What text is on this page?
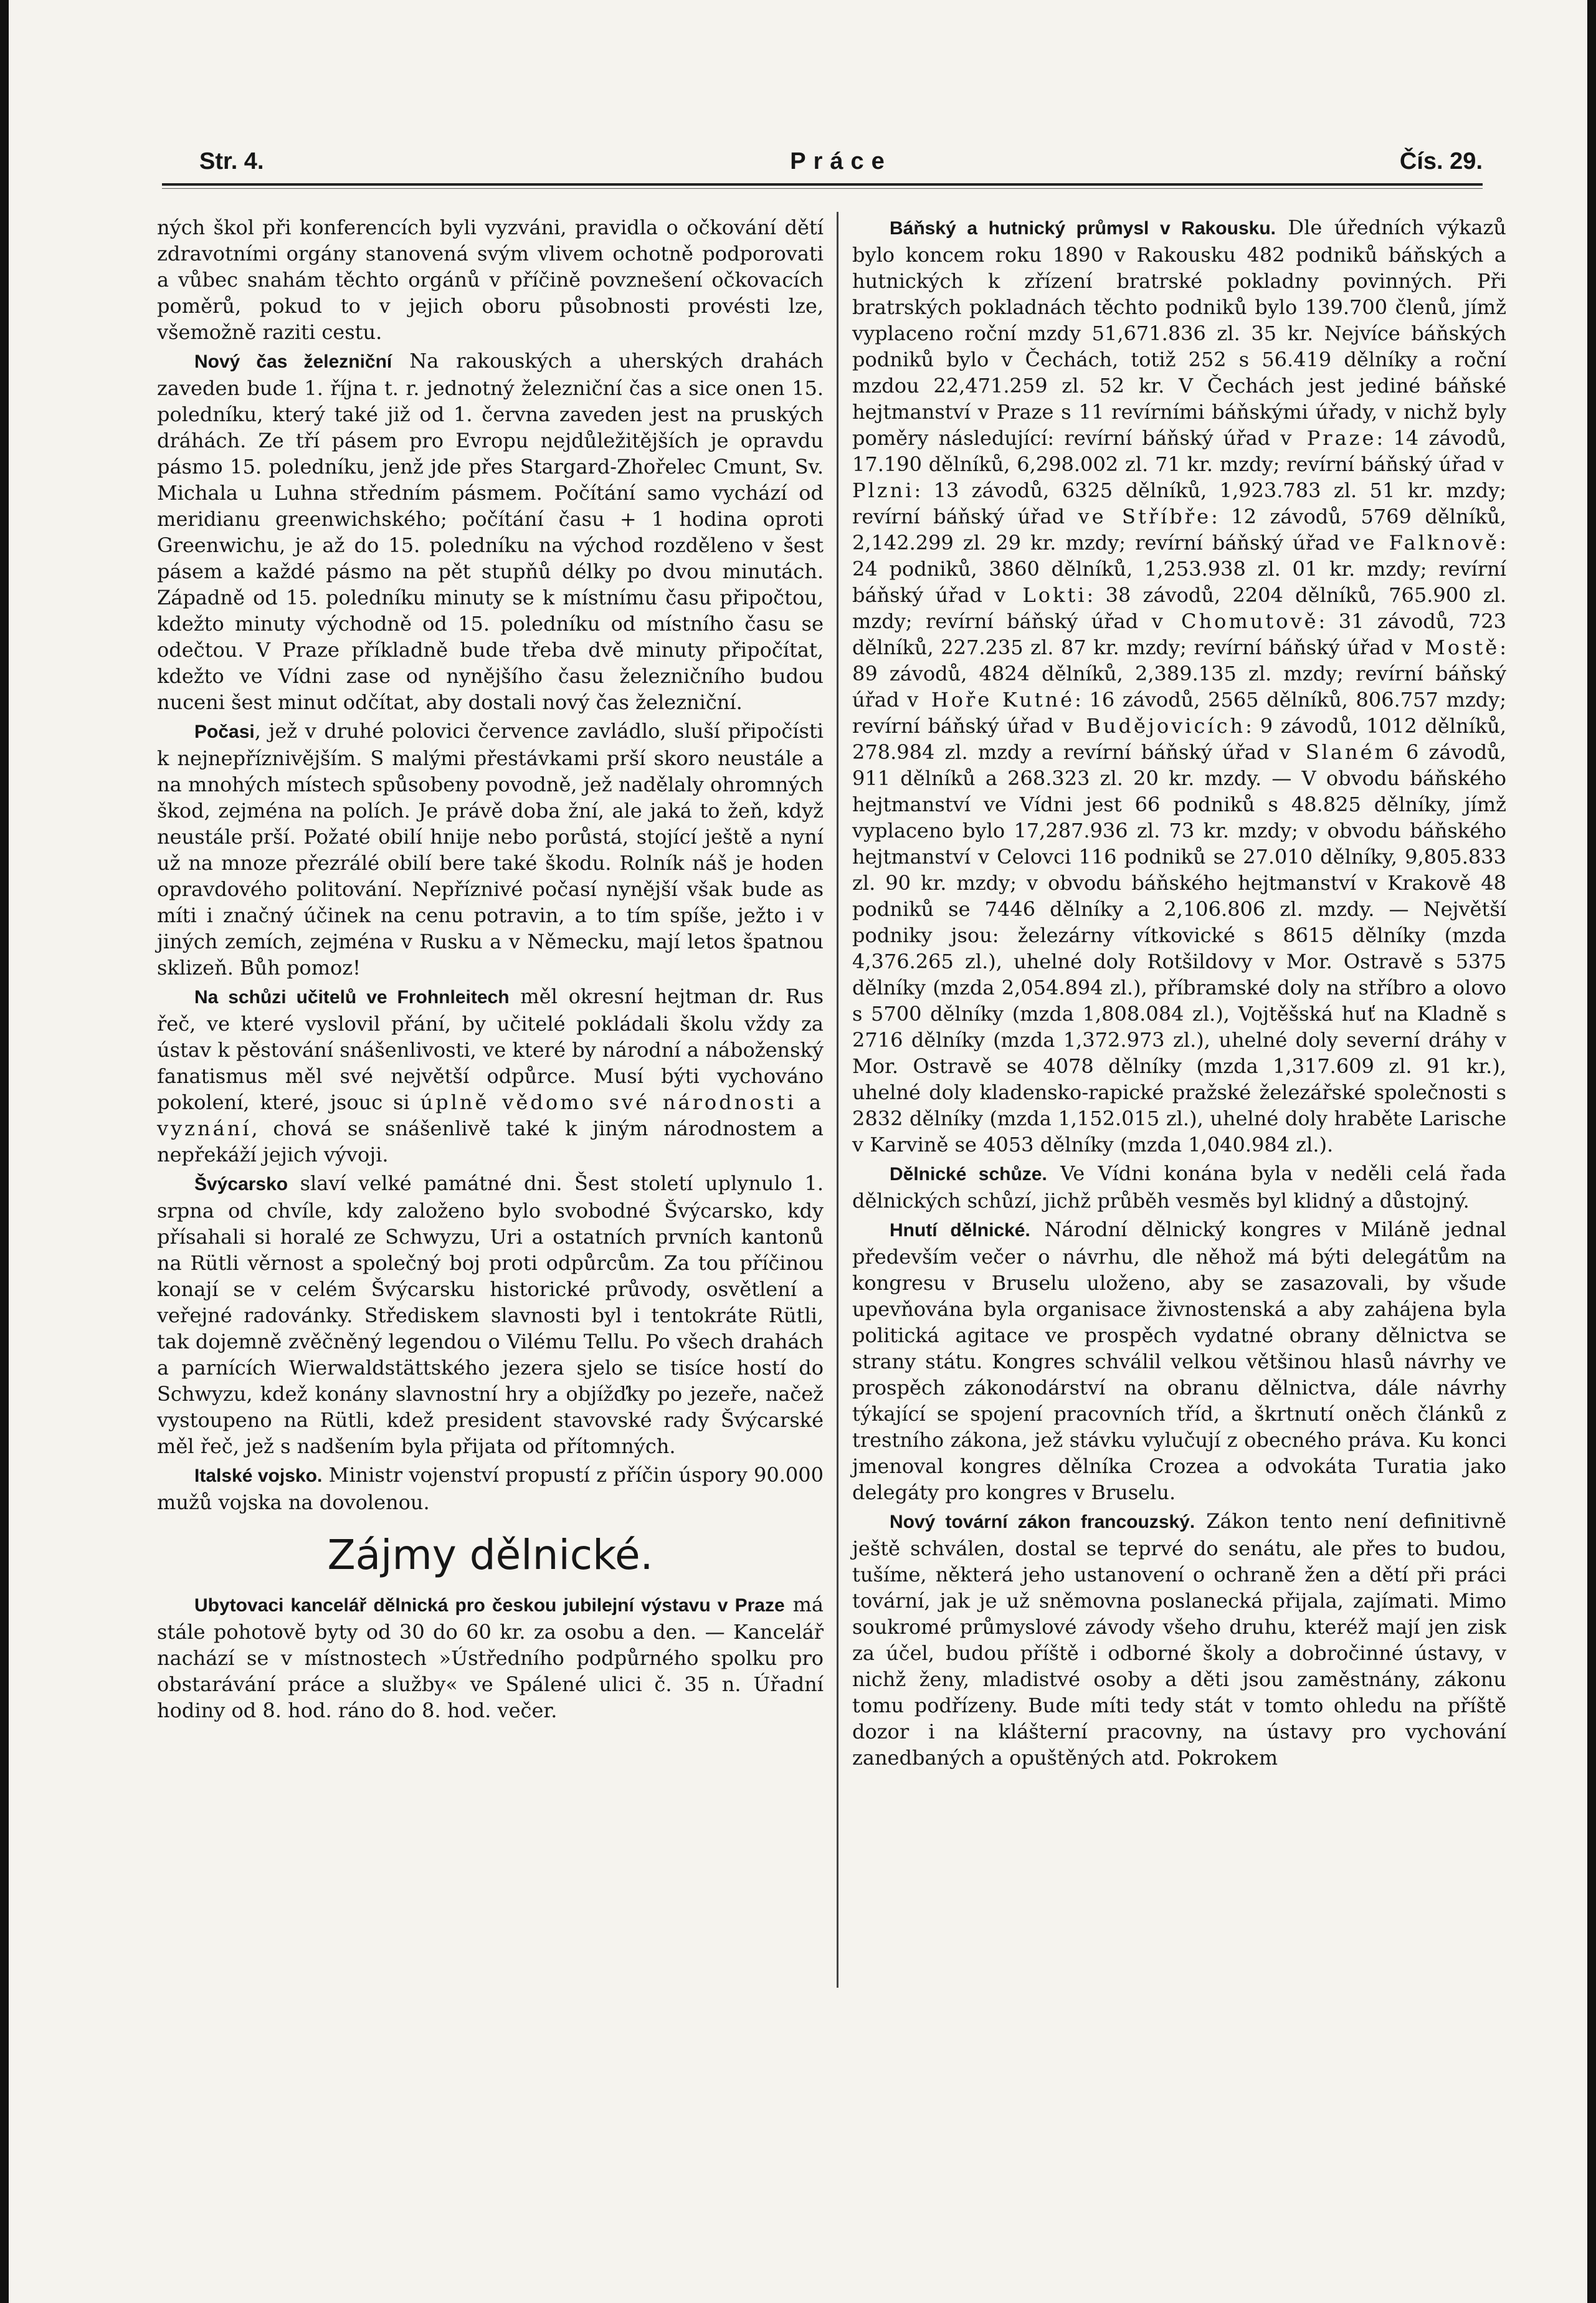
Str. 4.	Práce	Čís. 29.

ných škol při konferencích byli vyzváni, pravidla o očkování dětí zdravotními orgány stanovená svým vlivem ochotně podporovati a vůbec snahám těchto orgánů v příčině povznešení očkovacích poměrů, pokud to v jejich oboru působnosti provésti lze, všemožně raziti cestu.

Nový čas železniční Na rakouských a uherských drahách zaveden bude 1. října t. r. jednotný železniční čas a sice onen 15. poledníku, který také již od 1. června zaveden jest na pruských dráhách. Ze tří pásem pro Evropu nejdůležitějších je opravdu pásmo 15. poledníku, jenž jde přes Stargard-Zhořelec Cmunt, Sv. Michala u Luhna středním pásmem. Počítání samo vychází od meridianu greenwichského; počítání času + 1 hodina oproti Greenwichu, je až do 15. poledníku na východ rozděleno v šest pásem a každé pásmo na pět stupňů délky po dvou minutách. Západně od 15. poledníku minuty se k místnímu času připočtou, kdežto minuty východně od 15. poledníku od místního času se odečtou. V Praze příkladně bude třeba dvě minuty připočítat, kdežto ve Vídni zase od nynějšího času železničního budou nuceni šest minut odčítat, aby dostali nový čas železniční.

Počasi, jež v druhé polovici července zavládlo, sluší připočísti k nejnepříznivějším. S malými přestávkami prší skoro neustále a na mnohých místech spůsobeny povodně, jež nadělaly ohromných škod, zejména na polích. Je právě doba žní, ale jaká to žeň, když neustále prší. Požaté obilí hnije nebo porůstá, stojící ještě a nyní už na mnoze přezrálé obilí bere také škodu. Rolník náš je hoden opravdového politování. Nepříznivé počasí nynější však bude as míti i značný účinek na cenu potravin, a to tím spíše, ježto i v jiných zemích, zejména v Rusku a v Německu, mají letos špatnou sklizeň. Bůh pomoz!

Na schůzi učitelů ve Frohnleitech měl okresní hejtman dr. Rus řeč, ve které vyslovil přání, by učitelé pokládali školu vždy za ústav k pěstování snášenlivosti, ve které by národní a náboženský fanatismus měl své největší odpůrce. Musí býti vychováno pokolení, které, jsouc si úplně vědomo své národnosti a vyznání, chová se snášenlivě také k jiným národnostem a nepřekáží jejich vývoji.

Švýcarsko slaví velké památné dni. Šest století uplynulo 1. srpna od chvíle, kdy založeno bylo svobodné Švýcarsko, kdy přísahali si horalé ze Schwyzu, Uri a ostatních prvních kantonů na Rütli věrnost a společný boj proti odpůrcům. Za tou příčinou konají se v celém Švýcarsku historické průvody, osvětlení a veřejné radovánky. Střediskem slavnosti byl i tentokráte Rütli, tak dojemně zvěčněný legendou o Vilému Tellu. Po všech drahách a parnících Wierwaldstättského jezera sjelo se tisíce hostí do Schwyzu, kdež konány slavnostní hry a objížďky po jezeře, načež vystoupeno na Rütli, kdež president stavovské rady Švýcarské měl řeč, jež s nadšením byla přijata od přítomných.

Italské vojsko. Ministr vojenství propustí z příčin úspory 90.000 mužů vojska na dovolenou.

Zájmy dělnické.

Ubytovaci kancelář dělnická pro českou jubilejní výstavu v Praze má stále pohotově byty od 30 do 60 kr. za osobu a den. — Kancelář nachází se v místnostech »Ústředního podpůrného spolku pro obstarávání práce a služby« ve Spálené ulici č. 35 n. Úřadní hodiny od 8. hod. ráno do 8. hod. večer.

Báňský a hutnický průmysl v Rakousku. Dle úředních výkazů bylo koncem roku 1890 v Rakousku 482 podniků báňských a hutnických k zřízení bratrské pokladny povinných. Při bratrských pokladnách těchto podniků bylo 139.700 členů, jímž vyplaceno roční mzdy 51,671.836 zl. 35 kr. Nejvíce báňských podniků bylo v Čechách, totiž 252 s 56.419 dělníky a roční mzdou 22,471.259 zl. 52 kr. V Čechách jest jediné báňské hejtmanství v Praze s 11 revírními báňskými úřady, v nichž byly poměry následující: revírní báňský úřad v Praze: 14 závodů, 17.190 dělníků, 6,298.002 zl. 71 kr. mzdy; revírní báňský úřad v Plzni: 13 závodů, 6325 dělníků, 1,923.783 zl. 51 kr. mzdy; revírní báňský úřad ve Stříbře: 12 závodů, 5769 dělníků, 2,142.299 zl. 29 kr. mzdy; revírní báňský úřad ve Falknově: 24 podniků, 3860 dělníků, 1,253.938 zl. 01 kr. mzdy; revírní báňský úřad v Lokti: 38 závodů, 2204 dělníků, 765.900 zl. mzdy; revírní báňský úřad v Chomutově: 31 závodů, 723 dělníků, 227.235 zl. 87 kr. mzdy; revírní báňský úřad v Mostě: 89 závodů, 4824 dělníků, 2,389.135 zl. mzdy; revírní báňský úřad v Hoře Kutné: 16 závodů, 2565 dělníků, 806.757 mzdy; revírní báňský úřad v Budějovicích: 9 závodů, 1012 dělníků, 278.984 zl. mzdy a revírní báňský úřad v Slaném 6 závodů, 911 dělníků a 268.323 zl. 20 kr. mzdy. — V obvodu báňského hejtmanství ve Vídni jest 66 podniků s 48.825 dělníky, jímž vyplaceno bylo 17,287.936 zl. 73 kr. mzdy; v obvodu báňského hejtmanství v Celovci 116 podniků se 27.010 dělníky, 9,805.833 zl. 90 kr. mzdy; v obvodu báňského hejtmanství v Krakově 48 podniků se 7446 dělníky a 2,106.806 zl. mzdy. — Největší podniky jsou: železárny vítkovické s 8615 dělníky (mzda 4,376.265 zl.), uhelné doly Rotšildovy v Mor. Ostravě s 5375 dělníky (mzda 2,054.894 zl.), příbramské doly na stříbro a olovo s 5700 dělníky (mzda 1,808.084 zl.), Vojtěšská huť na Kladně s 2716 dělníky (mzda 1,372.973 zl.), uhelné doly severní dráhy v Mor. Ostravě se 4078 dělníky (mzda 1,317.609 zl. 91 kr.), uhelné doly kladensko-rapické pražské železářské společnosti s 2832 dělníky (mzda 1,152.015 zl.), uhelné doly hraběte Larische v Karvině se 4053 dělníky (mzda 1,040.984 zl.).

Dělnické schůze. Ve Vídni konána byla v neděli celá řada dělnických schůzí, jichž průběh vesměs byl klidný a důstojný.

Hnutí dělnické. Národní dělnický kongres v Miláně jednal především večer o návrhu, dle něhož má býti delegátům na kongresu v Bruselu uloženo, aby se zasazovali, by všude upevňována byla organisace živnostenská a aby zahájena byla politická agitace ve prospěch vydatné obrany dělnictva se strany státu. Kongres schválil velkou většinou hlasů návrhy ve prospěch zákonodárství na obranu dělnictva, dále návrhy týkající se spojení pracovních tříd, a škrtnutí oněch článků z trestního zákona, jež stávku vylučují z obecného práva. Ku konci jmenoval kongres dělníka Crozea a odvokáta Turatia jako delegáty pro kongres v Bruselu.

Nový tovární zákon francouzský. Zákon tento není definitivně ještě schválen, dostal se teprvé do senátu, ale přes to budou, tušíme, některá jeho ustanovení o ochraně žen a dětí při práci tovární, jak je už sněmovna poslanecká přijala, zajímati. Mimo soukromé průmyslové závody všeho druhu, kteréž mají jen zisk za účel, budou příště i odborné školy a dobročinné ústavy, v nichž ženy, mladistvé osoby a děti jsou zaměstnány, zákonu tomu podřízeny. Bude míti tedy stát v tomto ohledu na příště dozor i na klášterní pracovny, na ústavy pro vychování zanedbaných a opuštěných atd. Pokrokem
